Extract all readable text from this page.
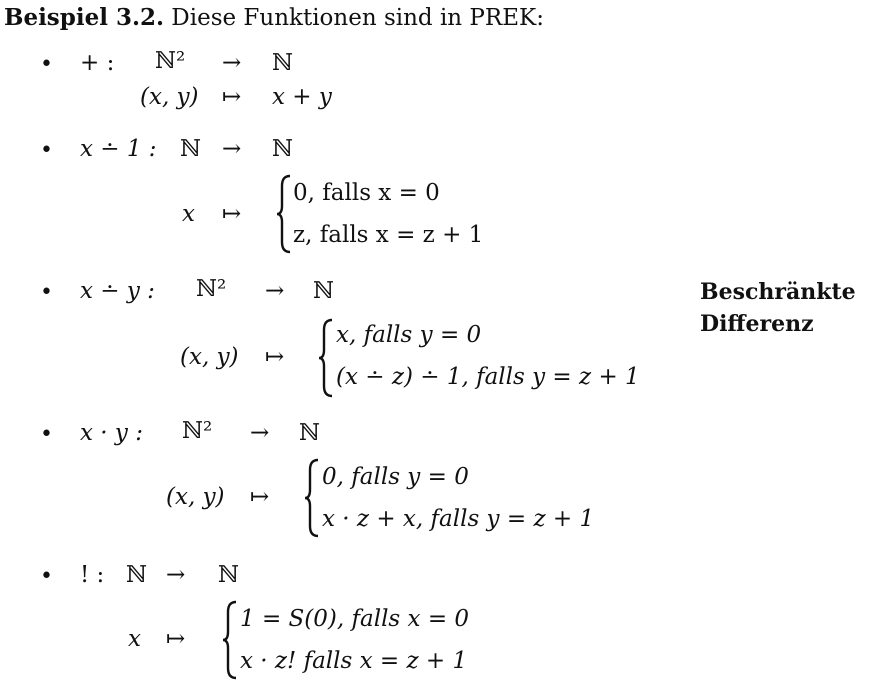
Beispiel 3.2. Diese Funktionen sind in PREK:
• + : ℕ² → ℕ
(x, y) ↦ x + y
• x ∸ 1 : ℕ → ℕ
x ↦
0, falls x = 0
z, falls x = z + 1
• x ∸ y : ℕ² → ℕ
(x, y) ↦
x, falls y = 0
(x ∸ z) ∸ 1, falls y = z + 1
Beschränkte
Differenz
• x · y : ℕ² → ℕ
(x, y) ↦
0, falls y = 0
x · z + x, falls y = z + 1
• ! : ℕ → ℕ
x ↦
1 = S(0), falls x = 0
x · z! falls x = z + 1
